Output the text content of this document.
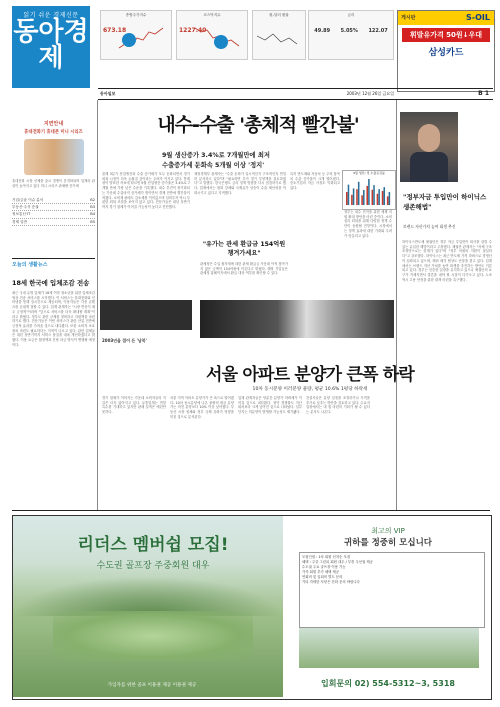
읽기 쉬운 경제신문
동아경제
종합주가지수
673.18
코스닥지수
1227.40
원-달러 환율	금리
49.89 5.05% 122.07
게시판	S-OIL
휘발유가격 50원↓우대
삼성카드
동아일보	2003년 12월 26일 금요일	B 1
지면안내
휴대전화기 휴대폰 미니 시리즈
휴대전화 시장 신제품 출시 경쟁이 본격화되며 업계의 관심이 높아지고 있다 미니 시리즈 판매량 증가세
기업/금융 이슈 분석	B2
부동산·주식 증권	B3
정보통신·IT	B4
경제 일반	B5
오늘의 생활뉴스
18세 한국에 입체조감 전송
최근 국내 유명 업체가 18세 이하 청소년을 위한 입체조감 영상 전송 서비스를 시작했다. 이 서비스는 휴대전화와 인터넷을 통해 실시간으로 제공되며, 이용자들은 각종 콘텐츠를 손쉽게 접할 수 있다. 업계 관계자는 "시장 반응이 매우 긍정적"이라며 "앞으로 서비스를 더욱 확대할 계획"이라고 밝혔다. 정부도 관련 규제를 정비하고 지원책을 마련하기로 했다. 전문가들은 이번 서비스가 관련 산업 전반에 긍정적 효과를 가져올 것으로 내다봤다. 또한 소비자 보호 장치 마련도 필요하다는 지적이 나오고 있다. 관련 업체들은 내년 상반기까지 서비스 품질을 대폭 개선하겠다고 밝혔다. 이용 요금은 월정액과 건당 과금 방식이 병행될 예정이다.
내수-수출 '총체적 빨간불'
9월 생산증가 3.4%로 7개월만에 최저
수출증가세 둔화속 5개월 이상 '정지'
올해 3분기 산업생산과 수출 증가세가 모두 둔화되면서 경기 회복 시점이 더욱 늦춰질 것이라는 우려가 커지고 있다. 통계청이 발표한 자료에 따르면 9월 산업생산 증가율은 3.4%로 7개월 만에 가장 낮은 수준을 기록했다. 내수 부진이 장기화되는 가운데 수출마저 증가세가 꺾이면서 경제 전반에 빨간불이 켜졌다. 소비재 판매도 감소세를 이어갔으며 설비투자 역시 뚜렷한 회복 조짐을 보이지 않고 있다. 전문가들은 내년 상반기까지 경기 침체가 이어질 가능성이 높다고 진단했다.
재정경제부 관계자는 "수출 둔화가 일시적인지 구조적인지 면밀히 분석하고 있다"며 "필요하면 추가 경기 부양책을 검토하겠다"고 말했다. 한국은행도 금리 정책 방향을 다시 점검하기로 했다. 업계에서는 원화 강세와 국제유가 상승이 수출 채산성을 악화시키고 있다고 지적했다.
특히 반도체와 자동차 등 주력 품목의 수출 증가율이 크게 떨어졌다. 중소기업의 자금 사정도 악화되고 있다.
정부는 내수 진작을 위한 세제 지원 확대 방안을 마련 중이다. 소비심리 회복을 위해 다양한 정책 수단이 동원될 전망이다. 시장에서는 정책 효과에 대한 기대와 우려가 엇갈리고 있다.
9월 생산/ 및 수출증감률
"정부자금 투입만이 하이닉스 생존해법"
브랜드 자산가치 높여 회생 추진
하이닉스반도체 채권단은 정부 자금 투입만이 회사를 살릴 수 있는 유일한 해법이라고 주장했다. 채권단 관계자는 "자체 구조조정만으로는 한계가 있다"며 "정부 차원의 지원이 절실하다"고 강조했다. 하이닉스는 최근 반도체 가격 하락으로 경영난이 심화되고 있으며, 해외 매각 협상도 난항을 겪고 있다. 업계에서는 브랜드 자산 가치를 높여 회생을 추진하는 방안도 거론되고 있다. 정부는 신중한 입장을 유지하고 있으나 채권단의 요구가 거세지면서 결론을 내야 할 시점이 다가오고 있다. 노조 역시 고용 안정을 위한 대책 마련을 촉구했다.
"유가는 관세 환급금 154억원 챙겨가세요"
관세청은 수입 원자재에 대한 관세 환급금 가운데 아직 찾아가지 않은 금액이 154억원에 이른다고 밝혔다. 해당 기업들은 관세청 홈페이지에서 환급 대상 여부를 확인할 수 있다.
2003년을 접어 든 '남북'
서울 아파트 분양가 큰폭 하락
10차 동시분양 이러분양 물량, 평균 10.6% 1평당 하락세
서울 지역 아파트 분양가가 큰 폭으로 떨어졌다. 10차 동시분양에 나온 물량의 평균 분양가는 직전 분양보다 10% 이상 낮아졌다. 부동산 시장 침체와 정부 규제 강화가 영향을 미친 것으로 분석된다.
업계 관계자들은 당분간 분양가 하락세가 이어질 것으로 내다봤다. 청약 경쟁률도 지난 회차보다 크게 낮아진 것으로 나타났다. 일부 단지는 미분양이 발생할 가능성도 제기됐다.
건설사들은 분양 일정을 조정하거나 가격을 추가로 낮추는 방안을 검토하고 있다. 수요자 입장에서는 내 집 마련의 기회가 될 수 있다는 분석도 나온다.
경기 침체가 이어지는 가운데 소비자들의 지갑은 더욱 얇아지고 있다. 유통업계는 연말 특수를 기대하고 있지만 판매 실적은 예년만 못하다.
리더스 멤버쉽 모집!
수도권 골프장 주중회원 대우
가입자를 위한 골프 이용권 제공 이용권 제공
최고의 VIP
귀하를 정중히 모십니다
모집인원 : 1차 회원 선착순 모집
혜택 : 주중 그린피 회원 대우 / 부킹 우선권 제공
수도권 주요 골프장 이용 가능
가족 회원 추가 혜택 제공
연회비 및 입회비 별도 문의
기타 자세한 사항은 전화 문의 바랍니다
입회문의 02) 554-5312~3, 5318
